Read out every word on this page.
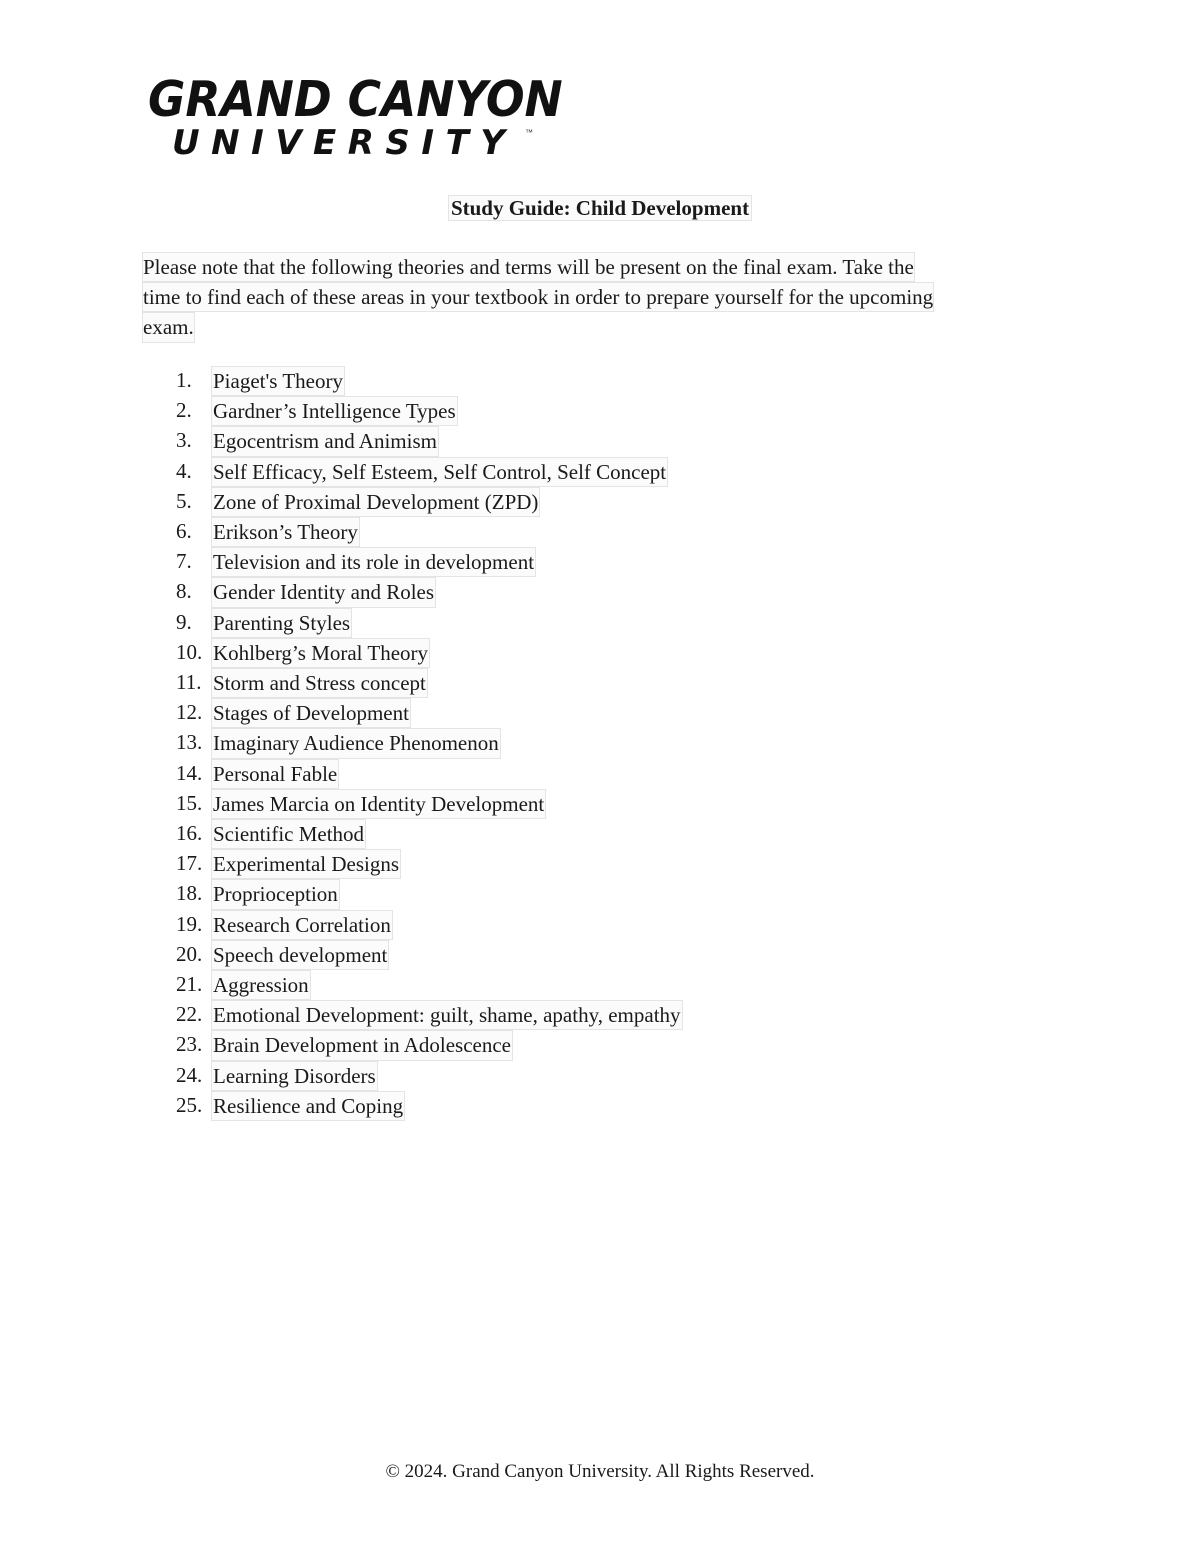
GRAND CANYON
UNIVERSITY ™
Study Guide: Child Development
Please note that the following theories and terms will be present on the final exam. Take the
time to find each of these areas in your textbook in order to prepare yourself for the upcoming
exam.
1.	Piaget's Theory
2.	Gardner’s Intelligence Types
3.	Egocentrism and Animism
4.	Self Efficacy, Self Esteem, Self Control, Self Concept
5.	Zone of Proximal Development (ZPD)
6.	Erikson’s Theory
7.	Television and its role in development
8.	Gender Identity and Roles
9.	Parenting Styles
10. Kohlberg’s Moral Theory
11. Storm and Stress concept
12. Stages of Development
13. Imaginary Audience Phenomenon
14. Personal Fable
15. James Marcia on Identity Development
16. Scientific Method
17. Experimental Designs
18. Proprioception
19. Research Correlation
20. Speech development
21. Aggression
22. Emotional Development: guilt, shame, apathy, empathy
23. Brain Development in Adolescence
24. Learning Disorders
25. Resilience and Coping
© 2024. Grand Canyon University. All Rights Reserved.
